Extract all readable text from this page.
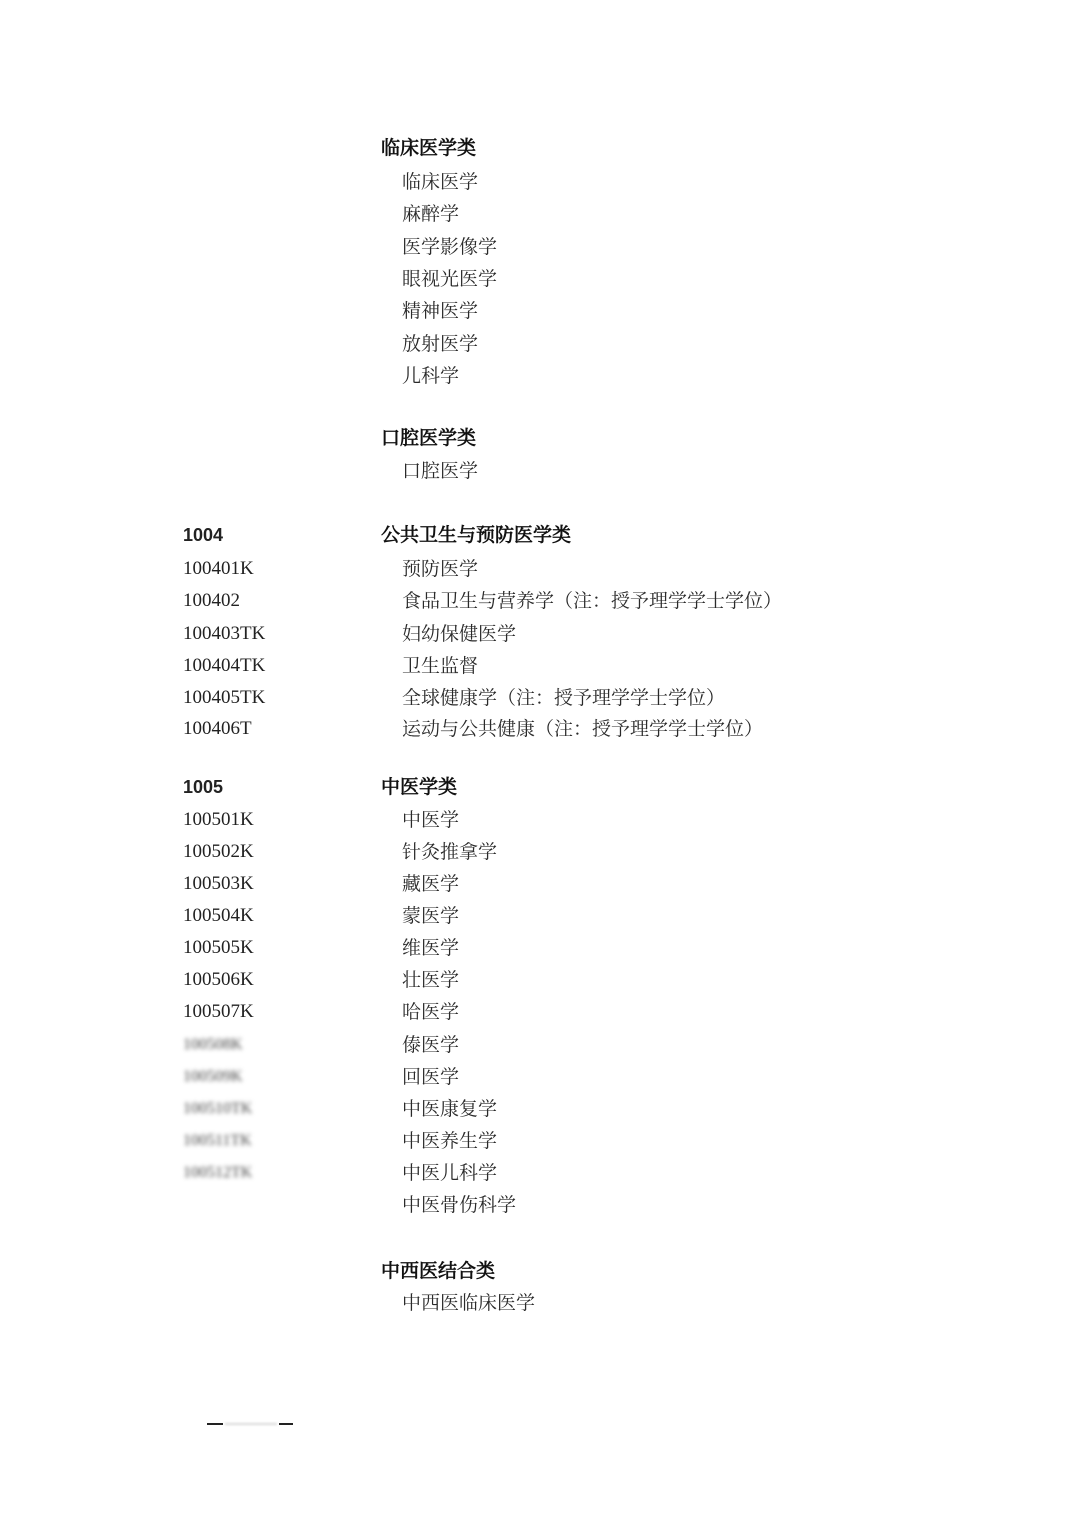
临床医学类
临床医学
麻醉学
医学影像学
眼视光医学
精神医学
放射医学
儿科学
口腔医学类
口腔医学
1004	公共卫生与预防医学类
100401K	预防医学
100402	食品卫生与营养学（注：授予理学学士学位）
100403TK	妇幼保健医学
100404TK	卫生监督
100405TK	全球健康学（注：授予理学学士学位）
100406T	运动与公共健康（注：授予理学学士学位）
1005	中医学类
100501K	中医学
100502K	针灸推拿学
100503K	藏医学
100504K	蒙医学
100505K	维医学
100506K	壮医学
100507K	哈医学
100508K	傣医学
100509K	回医学
100510TK	中医康复学
100511TK	中医养生学
100512TK	中医儿科学
中医骨伤科学
中西医结合类
中西医临床医学
